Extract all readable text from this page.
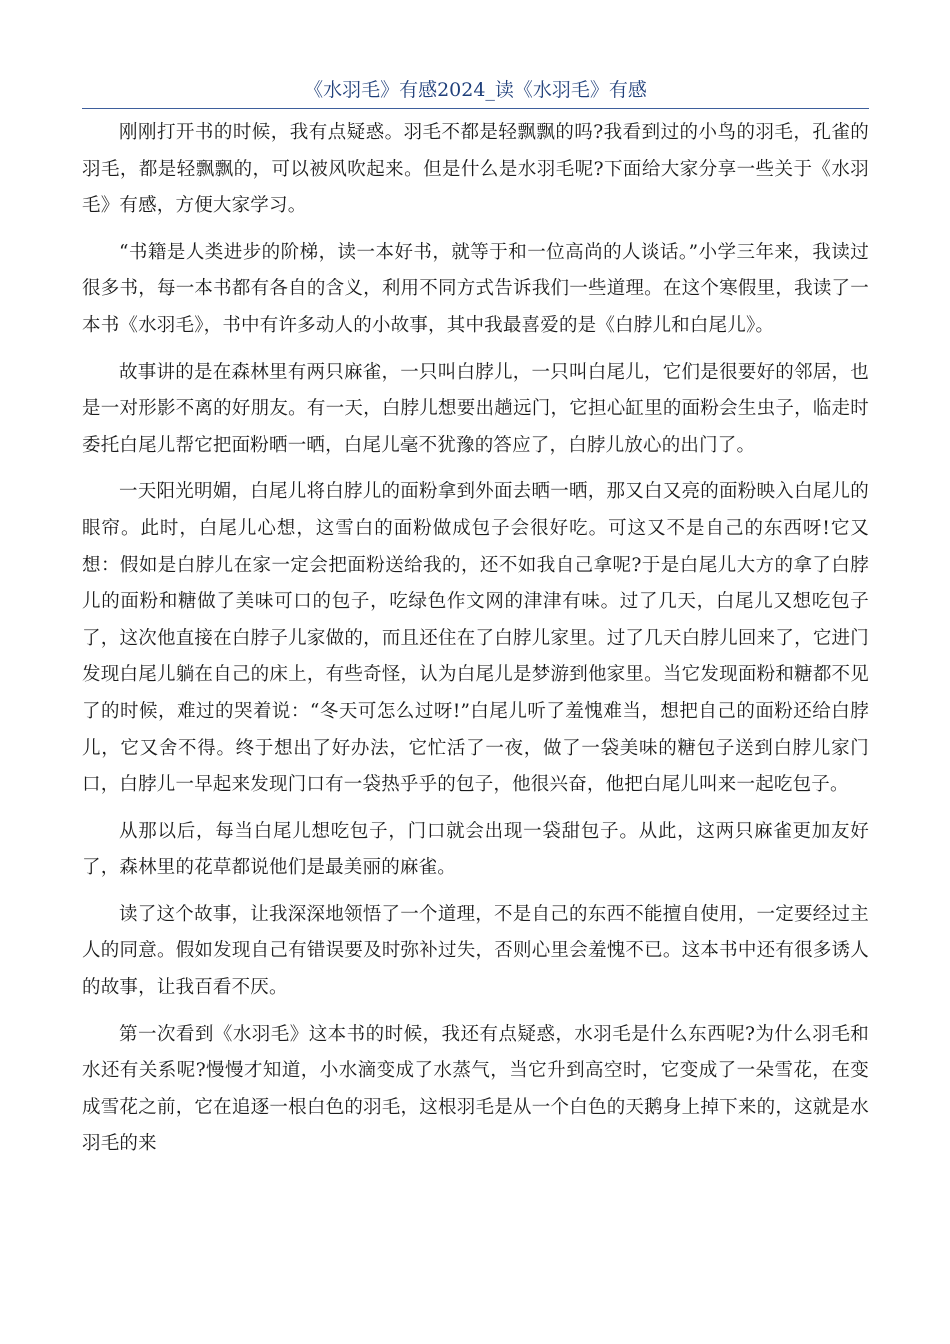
《水羽毛》有感2024_读《水羽毛》有感

刚刚打开书的时候，我有点疑惑。羽毛不都是轻飘飘的吗?我看到过的小鸟的羽毛，孔雀的羽毛，都是轻飘飘的，可以被风吹起来。但是什么是水羽毛呢?下面给大家分享一些关于《水羽毛》有感，方便大家学习。

“书籍是人类进步的阶梯，读一本好书，就等于和一位高尚的人谈话。”小学三年来，我读过很多书，每一本书都有各自的含义，利用不同方式告诉我们一些道理。在这个寒假里，我读了一本书《水羽毛》，书中有许多动人的小故事，其中我最喜爱的是《白脖儿和白尾儿》。

故事讲的是在森林里有两只麻雀，一只叫白脖儿，一只叫白尾儿，它们是很要好的邻居，也是一对形影不离的好朋友。有一天，白脖儿想要出趟远门，它担心缸里的面粉会生虫子，临走时委托白尾儿帮它把面粉晒一晒，白尾儿毫不犹豫的答应了，白脖儿放心的出门了。

一天阳光明媚，白尾儿将白脖儿的面粉拿到外面去晒一晒，那又白又亮的面粉映入白尾儿的眼帘。此时，白尾儿心想，这雪白的面粉做成包子会很好吃。可这又不是自己的东西呀!它又想：假如是白脖儿在家一定会把面粉送给我的，还不如我自己拿呢?于是白尾儿大方的拿了白脖儿的面粉和糖做了美味可口的包子，吃绿色作文网的津津有味。过了几天，白尾儿又想吃包子了，这次他直接在白脖子儿家做的，而且还住在了白脖儿家里。过了几天白脖儿回来了，它进门发现白尾儿躺在自己的床上，有些奇怪，认为白尾儿是梦游到他家里。当它发现面粉和糖都不见了的时候，难过的哭着说：“冬天可怎么过呀!”白尾儿听了羞愧难当，想把自己的面粉还给白脖儿，它又舍不得。终于想出了好办法，它忙活了一夜，做了一袋美味的糖包子送到白脖儿家门口，白脖儿一早起来发现门口有一袋热乎乎的包子，他很兴奋，他把白尾儿叫来一起吃包子。

从那以后，每当白尾儿想吃包子，门口就会出现一袋甜包子。从此，这两只麻雀更加友好了，森林里的花草都说他们是最美丽的麻雀。

读了这个故事，让我深深地领悟了一个道理，不是自己的东西不能擅自使用，一定要经过主人的同意。假如发现自己有错误要及时弥补过失，否则心里会羞愧不已。这本书中还有很多诱人的故事，让我百看不厌。

第一次看到《水羽毛》这本书的时候，我还有点疑惑，水羽毛是什么东西呢?为什么羽毛和水还有关系呢?慢慢才知道，小水滴变成了水蒸气，当它升到高空时，它变成了一朵雪花，在变成雪花之前，它在追逐一根白色的羽毛，这根羽毛是从一个白色的天鹅身上掉下来的，这就是水羽毛的来
